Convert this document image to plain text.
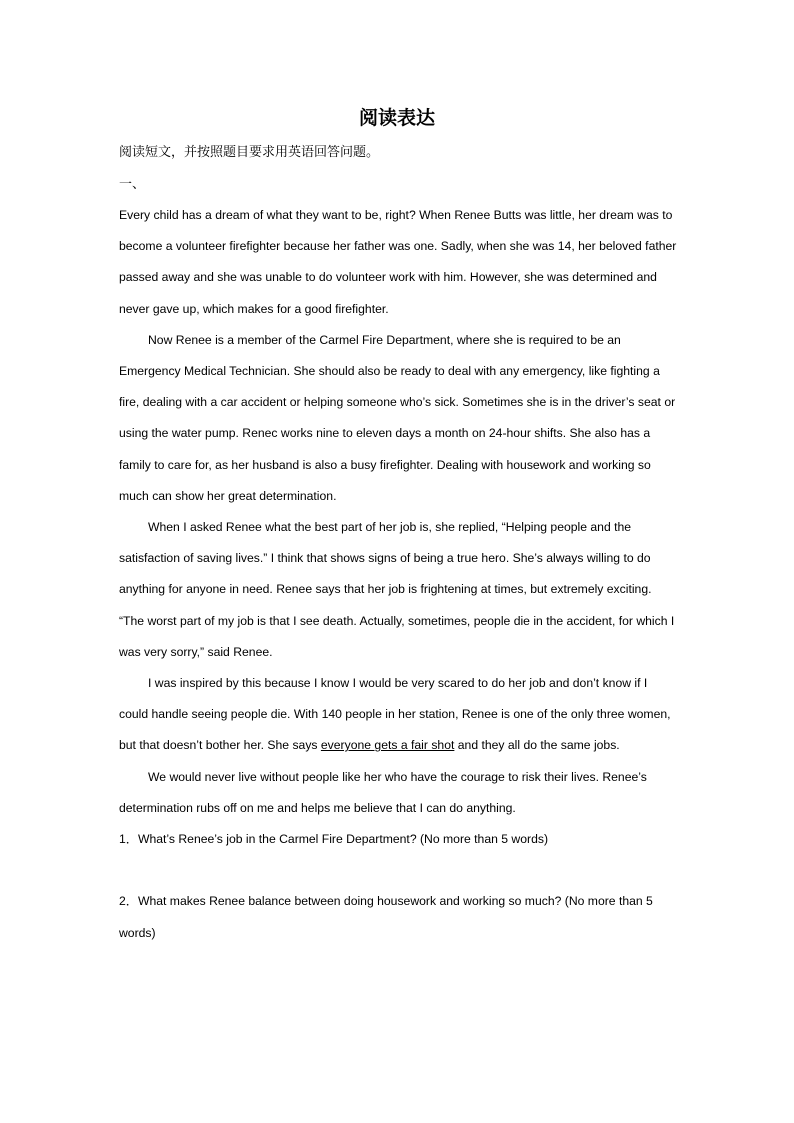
阅读表达
阅读短文，并按照题目要求用英语回答问题。
一、

Every child has a dream of what they want to be, right? When Renee Butts was little, her dream was to become a volunteer firefighter because her father was one. Sadly, when she was 14, her beloved father passed away and she was unable to do volunteer work with him. However, she was determined and never gave up, which makes for a good firefighter.

Now Renee is a member of the Carmel Fire Department, where she is required to be an Emergency Medical Technician. She should also be ready to deal with any emergency, like fighting a fire, dealing with a car accident or helping someone who’s sick. Sometimes she is in the driver’s seat or using the water pump. Renec works nine to eleven days a month on 24-hour shifts. She also has a family to care for, as her husband is also a busy firefighter. Dealing with housework and working so much can show her great determination.

When I asked Renee what the best part of her job is, she replied, “Helping people and the satisfaction of saving lives.” I think that shows signs of being a true hero. She’s always willing to do anything for anyone in need. Renee says that her job is frightening at times, but extremely exciting. “The worst part of my job is that I see death. Actually, sometimes, people die in the accident, for which I was very sorry,” said Renee.

I was inspired by this because I know I would be very scared to do her job and don’t know if I could handle seeing people die. With 140 people in her station, Renee is one of the only three women, but that doesn’t bother her. She says everyone gets a fair shot and they all do the same jobs.

We would never live without people like her who have the courage to risk their lives. Renee’s determination rubs off on me and helps me believe that I can do anything.

1．What’s Renee’s job in the Carmel Fire Department? (No more than 5 words)

2．What makes Renee balance between doing housework and working so much? (No more than 5 words)
